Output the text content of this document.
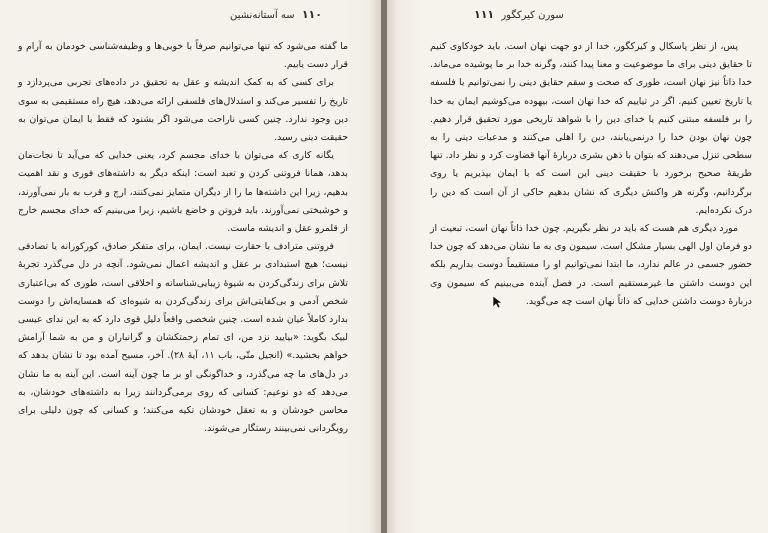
۱۱۰ سه آستانه‌نشین

ما گفته می‌شود که تنها می‌توانیم صرفاً با خوبی‌ها و وظیفه‌شناسی خودمان به آرام و قرار دست یابیم.

برای کسی که به کمک اندیشه و عقل به تحقیق در داده‌های تجربی می‌پردازد و تاریخ را تفسیر می‌کند و استدلال‌های فلسفی ارائه می‌دهد، هیچ راه مستقیمی به سوی دین وجود ندارد. چنین کسی ناراحت می‌شود اگر بشنود که فقط با ایمان می‌توان به حقیقت دینی رسید.

یگانه کاری که می‌توان با خدای مجسم کرد، یعنی خدایی که می‌آید تا نجات‌مان بدهد، همانا فروتنی کردن و تعبد است: اینکه دیگر به داشته‌های فوری و نقد اهمیت بدهیم، زیرا این داشته‌ها ما را از دیگران متمایز نمی‌کنند، ارج و قرب به بار نمی‌آورند، و خوشبختی نمی‌آورند. باید فروتن و خاضع باشیم، زیرا می‌بینیم که خدای مجسم خارج از قلمرو عقل و اندیشه ماست.

فروتنی مترادف با حقارت نیست. ایمان، برای متفکر صادق، کورکورانه یا تصادفی نیست؛ هیچ استبدادی بر عقل و اندیشه اعمال نمی‌شود. آنچه در دل می‌گذرد تجربهٔ تلاش برای زندگی‌کردن به شیوهٔ زیبایی‌شناسانه و اخلاقی است، طوری که بی‌اعتباری شخص آدمی و بی‌کفایتی‌اش برای زندگی‌کردن به شیوه‌ای که همسایه‌اش را دوست بدارد کاملاً عیان شده است. چنین شخصی واقعاً دلیل قوی دارد که به این ندای عیسی لبیک بگوید: «بیایید نزد من، ای تمام زحمتکشان و گرانباران و من به شما آرامش خواهم بخشید.» (انجیل متّی، باب ۱۱، آیهٔ ۲۸). آخر، مسیح آمده بود تا نشان بدهد که در دل‌های ما چه می‌گذرد، و خداگونگی او بر ما چون آینه است. این آینه به ما نشان می‌دهد که دو نوعیم: کسانی که روی برمی‌گردانند زیرا به داشته‌های خودشان، به محاسن خودشان و به تعقل خودشان تکیه می‌کنند؛ و کسانی که چون دلیلی برای رویگردانی نمی‌بینند رستگار می‌شوند.

سورن کیرکگور ۱۱۱

پس، از نظر پاسکال و کیرکگور، خدا از دو جهت نهان است. باید خودکاوی کنیم تا حقایق دینی برای ما موضوعیت و معنا پیدا کنند، وگرنه خدا بر ما پوشیده می‌ماند. خدا ذاتاً نیز نهان است، طوری که صحت و سقم حقایق دینی را نمی‌توانیم با فلسفه یا تاریخ تعیین کنیم. اگر در تیاییم که خدا نهان است، بیهوده می‌کوشیم ایمان به خدا را بر فلسفه مبتنی کنیم یا خدای دین را با شواهد تاریخی مورد تحقیق قرار دهیم. چون نهان بودن خدا را درنمی‌یابند، دین را اهلی می‌کنند و مدعیات دینی را به سطحی تنزل می‌دهند که بتوان با ذهن بشری دربارهٔ آنها قضاوت کرد و نظر داد. تنها طریقهٔ صحیح برخورد با حقیقت دینی این است که با ایمان بپذیریم یا روی برگردانیم، وگرنه هر واکنش دیگری که نشان بدهیم حاکی از آن است که دین را درک نکرده‌ایم.

مورد دیگری هم هست که باید در نظر بگیریم. چون خدا ذاتاً نهان است، تبعیت از دو فرمان اول الهی بسیار مشکل است. سیمون وی به ما نشان می‌دهد که چون خدا حضور جسمی در عالم ندارد، ما ابتدا نمی‌توانیم او را مستقیماً دوست بداریم بلکه این دوست داشتن ما غیرمستقیم است. در فصل آینده می‌بینیم که سیمون وی دربارهٔ دوست داشتن خدایی که ذاتاً نهان است چه می‌گوید.
